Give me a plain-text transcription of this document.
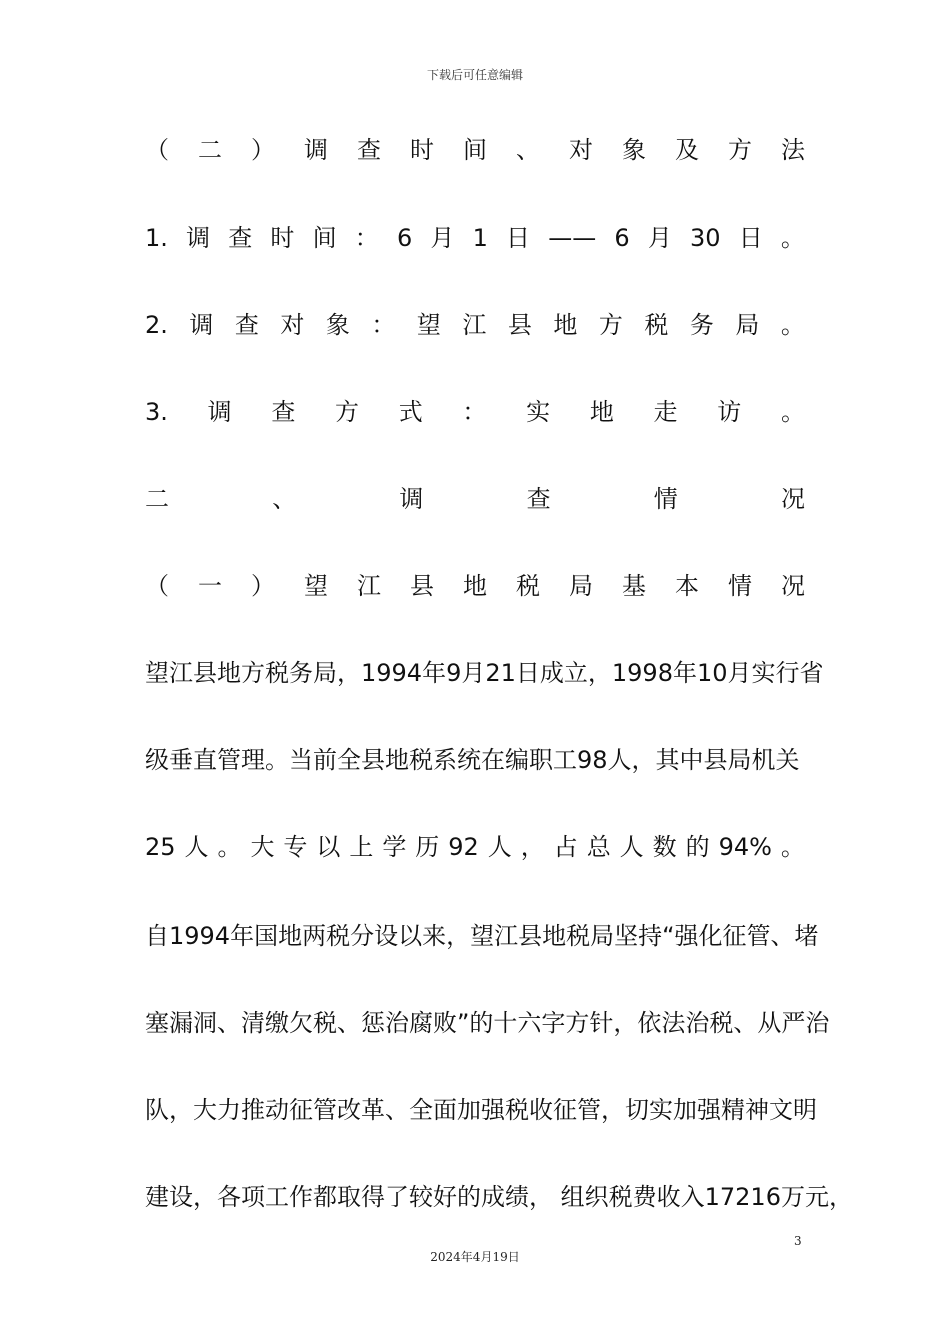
下载后可任意编辑
（ 二 ） 调 查 时 间 、 对 象 及 方 法
1. 调 查 时 间 ： 6 月 1 日 —— 6 月 30 日 。
2. 调 查 对 象 ： 望 江 县 地 方 税 务 局 。
3. 调 查 方 式 ： 实 地 走 访 。
二	、	调	查	情	况
（ 一 ） 望 江 县 地 税 局 基 本 情 况
望江县地方税务局，1994年9月21日成立，1998年10月实行省
级垂直管理。当前全县地税系统在编职工98人，其中县局机关
25 人 。 大 专 以 上 学 历 92 人 ， 占 总 人 数 的 94% 。
自1994年国地两税分设以来，望江县地税局坚持“强化征管、堵
塞漏洞、清缴欠税、惩治腐败”的十六字方针，依法治税、从严治
队，大力推动征管改革、全面加强税收征管，切实加强精神文明
建设，各项工作都取得了较好的成绩， 组织税费收入17216万元，
3
2024年4月19日
